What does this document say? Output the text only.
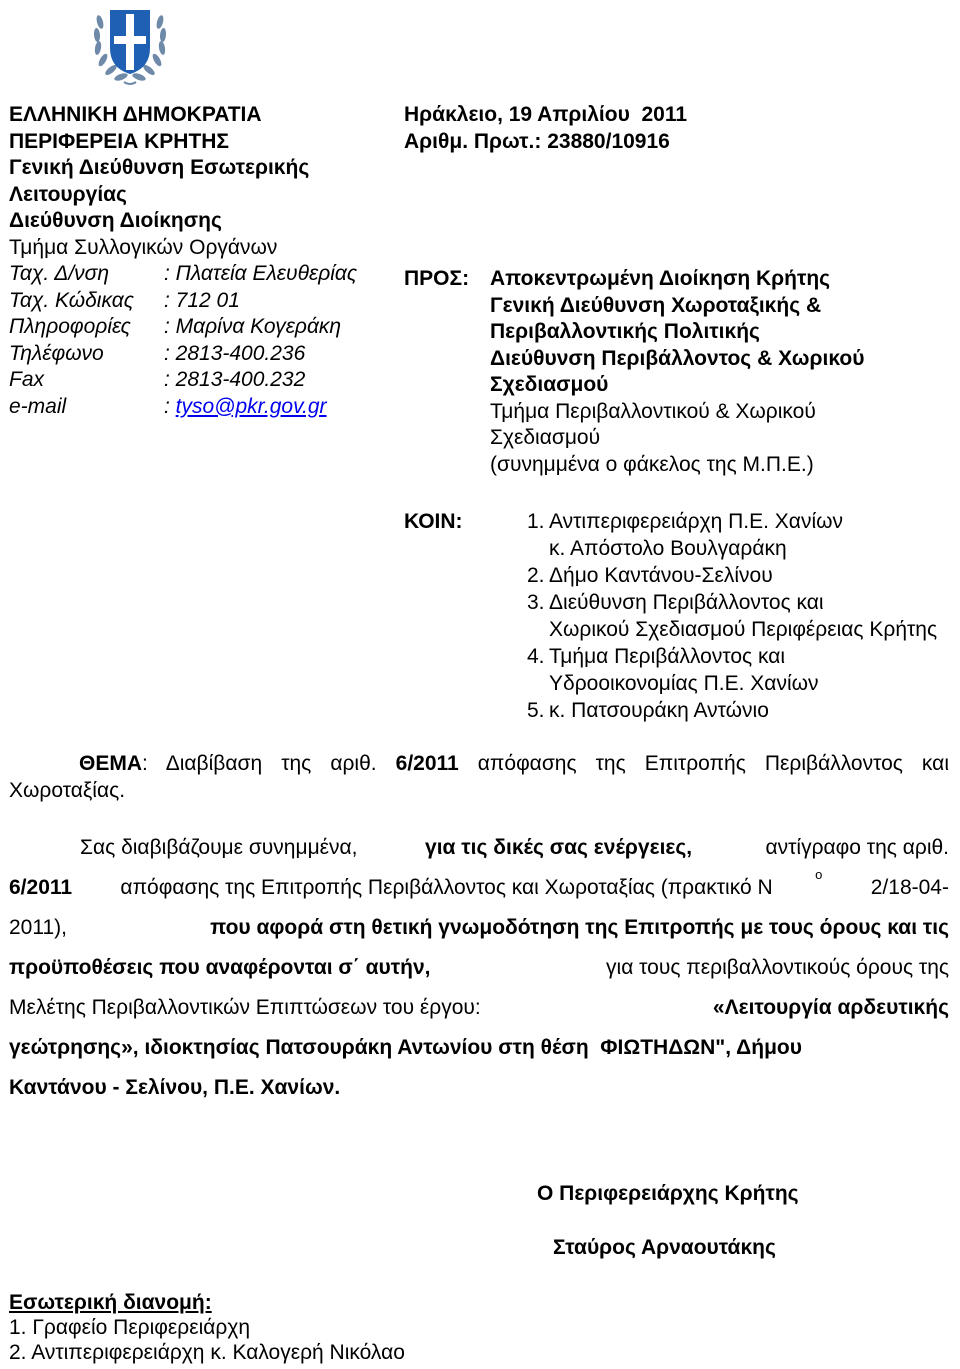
ΕΛΛΗΝΙΚΗ ΔΗΜΟΚΡΑΤΙΑ
ΠΕΡΙΦΕΡΕΙΑ ΚΡΗΤΗΣ
Γενική Διεύθυνση Εσωτερικής
Λειτουργίας
Διεύθυνση Διοίκησης
Τμήμα Συλλογικών Οργάνων
Ταχ. Δ/νση	: Πλατεία Ελευθερίας
Ταχ. Κώδικας	: 712 01
Πληροφορίες	: Μαρίνα Κογεράκη
Τηλέφωνο	: 2813-400.236
Fax	: 2813-400.232
e-mail	: tyso@pkr.gov.gr
Ηράκλειο, 19 Απριλίου  2011
Αριθμ. Πρωτ.: 23880/10916
ΠΡΟΣ: Αποκεντρωμένη Διοίκηση Κρήτης
Γενική Διεύθυνση Χωροταξικής &
Περιβαλλοντικής Πολιτικής
Διεύθυνση Περιβάλλοντος & Χωρικού
Σχεδιασμού
Τμήμα Περιβαλλοντικού & Χωρικού
Σχεδιασμού
(συνημμένα ο φάκελος της Μ.Π.Ε.)
ΚΟΙΝ:	1. Αντιπεριφερειάρχη Π.Ε. Χανίων
κ. Απόστολο Βουλγαράκη
2. Δήμο Καντάνου-Σελίνου
3. Διεύθυνση Περιβάλλοντος και
Χωρικού Σχεδιασμού Περιφέρειας Κρήτης
4. Τμήμα Περιβάλλοντος και
Υδροοικονομίας Π.Ε. Χανίων
5. κ. Πατσουράκη Αντώνιο
ΘΕΜΑ: Διαβίβαση της αριθ. 6/2011 απόφασης της Επιτροπής Περιβάλλοντος και
Χωροταξίας.
Σας διαβιβάζουμε συνημμένα,	για τις δικές σας ενέργειες,	αντίγραφο της αριθ.
6/2011 απόφασης της Επιτροπής Περιβάλλοντος και Χωροταξίας (πρακτικό N
ο
2/18-04-
2011),	που αφορά στη θετική γνωμοδότηση της Επιτροπής με τους όρους και τις
προϋποθέσεις που αναφέρονται σ΄ αυτήν,	για τους περιβαλλοντικούς όρους της
Μελέτης Περιβαλλοντικών Επιπτώσεων του έργου:	«Λειτουργία αρδευτικής
γεώτρησης», ιδιοκτησίας Πατσουράκη Αντωνίου στη θέση  ΦΙΩΤΗΔΩΝ", Δήμου
Καντάνου - Σελίνου, Π.Ε. Χανίων.
Ο Περιφερειάρχης Κρήτης
Σταύρος Αρναουτάκης
Εσωτερική διανομή:
1. Γραφείο Περιφερειάρχη
2. Αντιπεριφερειάρχη κ. Καλογερή Νικόλαο
